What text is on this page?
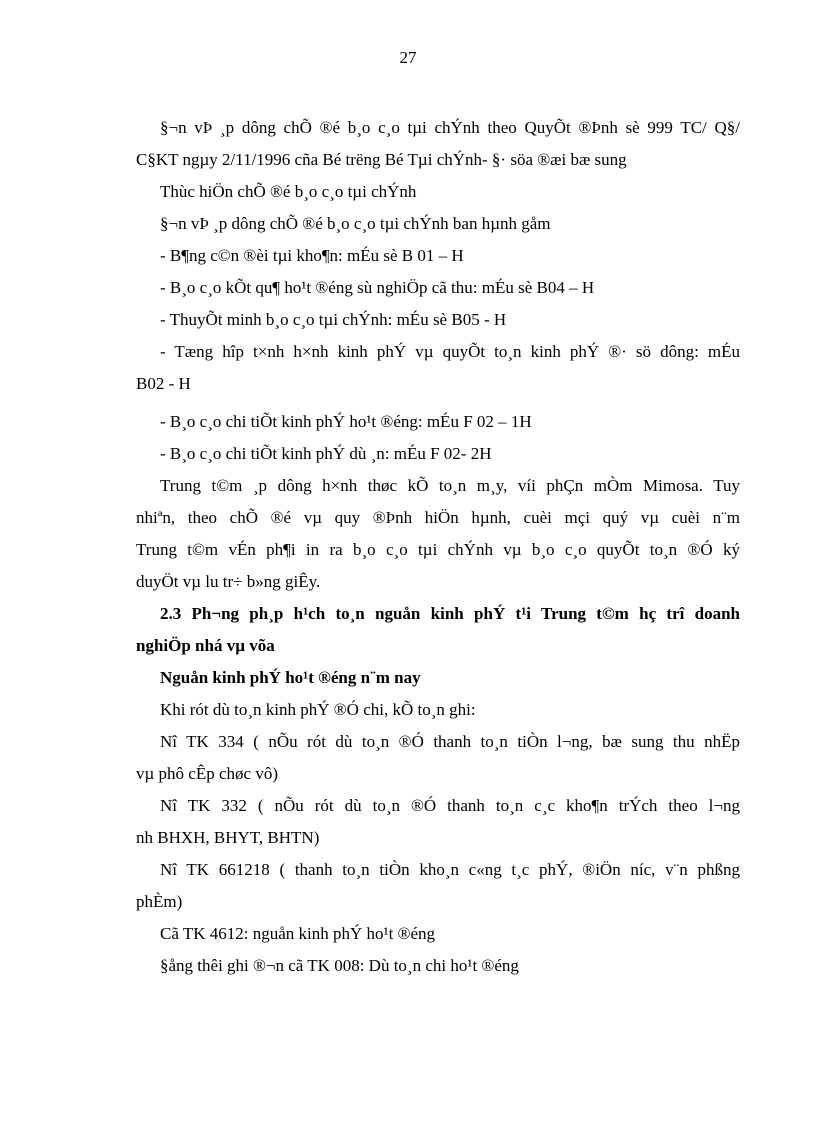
27
§¬n vÞ ¸p dông chÕ ®é b¸o c¸o tµi chÝnh theo QuyÕt ®Þnh sè 999 TC/ Q§/
C§KT ngµy 2/11/1996 cña Bé trëng Bé Tµi chÝnh- §· söa ®æi bæ sung
Thùc hiÖn chÕ ®é b¸o c¸o tµi chÝnh
§¬n vÞ ¸p dông chÕ ®é b¸o c¸o tµi chÝnh ban hµnh gåm
- B¶ng c©n ®èi tµi kho¶n: mÉu sè B 01 – H
- B¸o c¸o kÕt qu¶ ho¹t ®éng sù nghiÖp cã thu: mÉu sè B04 – H
- ThuyÕt minh b¸o c¸o tµi chÝnh: mÉu sè B05 - H
- Tæng hîp t×nh h×nh kinh phÝ vµ quyÕt to¸n kinh phÝ ®· sö dông: mÉu
B02 - H
- B¸o c¸o chi tiÕt kinh phÝ ho¹t ®éng: mÉu F 02 – 1H
- B¸o c¸o chi tiÕt kinh phÝ dù ¸n: mÉu F 02- 2H
Trung t©m ¸p dông h×nh thøc kÕ to¸n m¸y, víi phÇn mÒm Mimosa. Tuy
nhiªn, theo chÕ ®é vµ quy ®Þnh hiÖn hµnh, cuèi mçi quý vµ cuèi n¨m
Trung t©m vÉn ph¶i in ra b¸o c¸o tµi chÝnh vµ b¸o c¸o quyÕt to¸n ®Ó ký
duyÖt vµ lu tr÷ b»ng giÊy.
2.3 Ph¬ng ph¸p h¹ch to¸n nguån kinh phÝ t¹i Trung t©m hç trî doanh
nghiÖp nhá vµ võa
Nguån kinh phÝ ho¹t ®éng n¨m nay
Khi rót dù to¸n kinh phÝ ®Ó chi, kÕ to¸n ghi:
Nî TK 334 ( nÕu rót dù to¸n ®Ó thanh to¸n tiÒn l¬ng, bæ sung thu nhËp
vµ phô cÊp chøc vô)
Nî TK 332 ( nÕu rót dù to¸n ®Ó thanh to¸n c¸c kho¶n trÝch theo l¬ng
nh BHXH, BHYT, BHTN)
Nî TK 661218 ( thanh to¸n tiÒn kho¸n c«ng t¸c phÝ, ®iÖn níc, v¨n phßng
phÈm)
Cã TK 4612: nguån kinh phÝ ho¹t ®éng
§ång thêi ghi ®¬n cã TK 008: Dù to¸n chi ho¹t ®éng
